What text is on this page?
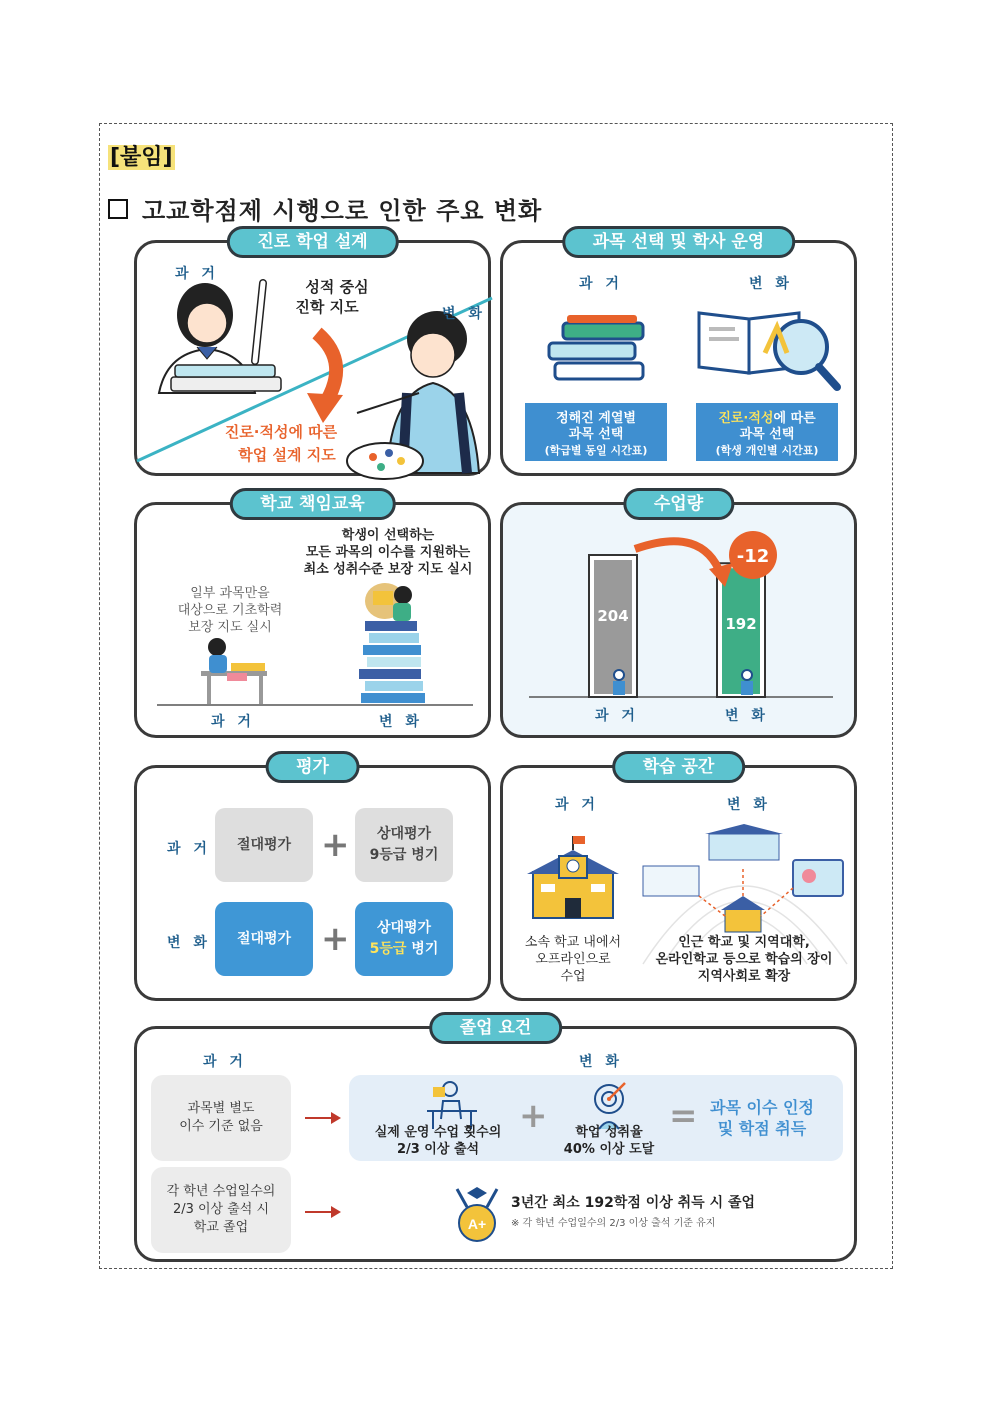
[붙임]
고교학점제 시행으로 인한 주요 변화
진로 학업 설계
과 거
성적 중심
진학 지도	변 화
진로·적성에 따른
학업 설계 지도
과목 선택 및 학사 운영
과 거	변 화
정해진 계열별
과목 선택
(학급별 동일 시간표)
진로·적성에 따른
과목 선택
(학생 개인별 시간표)
학교 책임교육
학생이 선택하는
모든 과목의 이수를 지원하는
최소 성취수준 보장 지도 실시
일부 과목만을
대상으로 기초학력
보장 지도 실시
과 거	변 화
수업량
204	192
-12
과 거	변 화
평가
과 거	절대평가 +	상대평가
9등급 병기
변 화	절대평가 +	상대평가
5등급 병기
학습 공간
과 거	변 화
소속 학교 내에서
오프라인으로
수업
인근 학교 및 지역대학,
온라인학교 등으로 학습의 장이
지역사회로 확장
졸업 요건
과 거	변 화
과목별 별도
이수 기준 없음
A+
실제 운영 수업 횟수의
2/3 이상 출석
+	학업 성취율
40% 이상 도달
= 과목 이수 인정
및 학점 취득
각 학년 수업일수의
2/3 이상 출석 시
학교 졸업
3년간 최소 192학점 이상 취득 시 졸업
※ 각 학년 수업일수의 2/3 이상 출석 기준 유지
